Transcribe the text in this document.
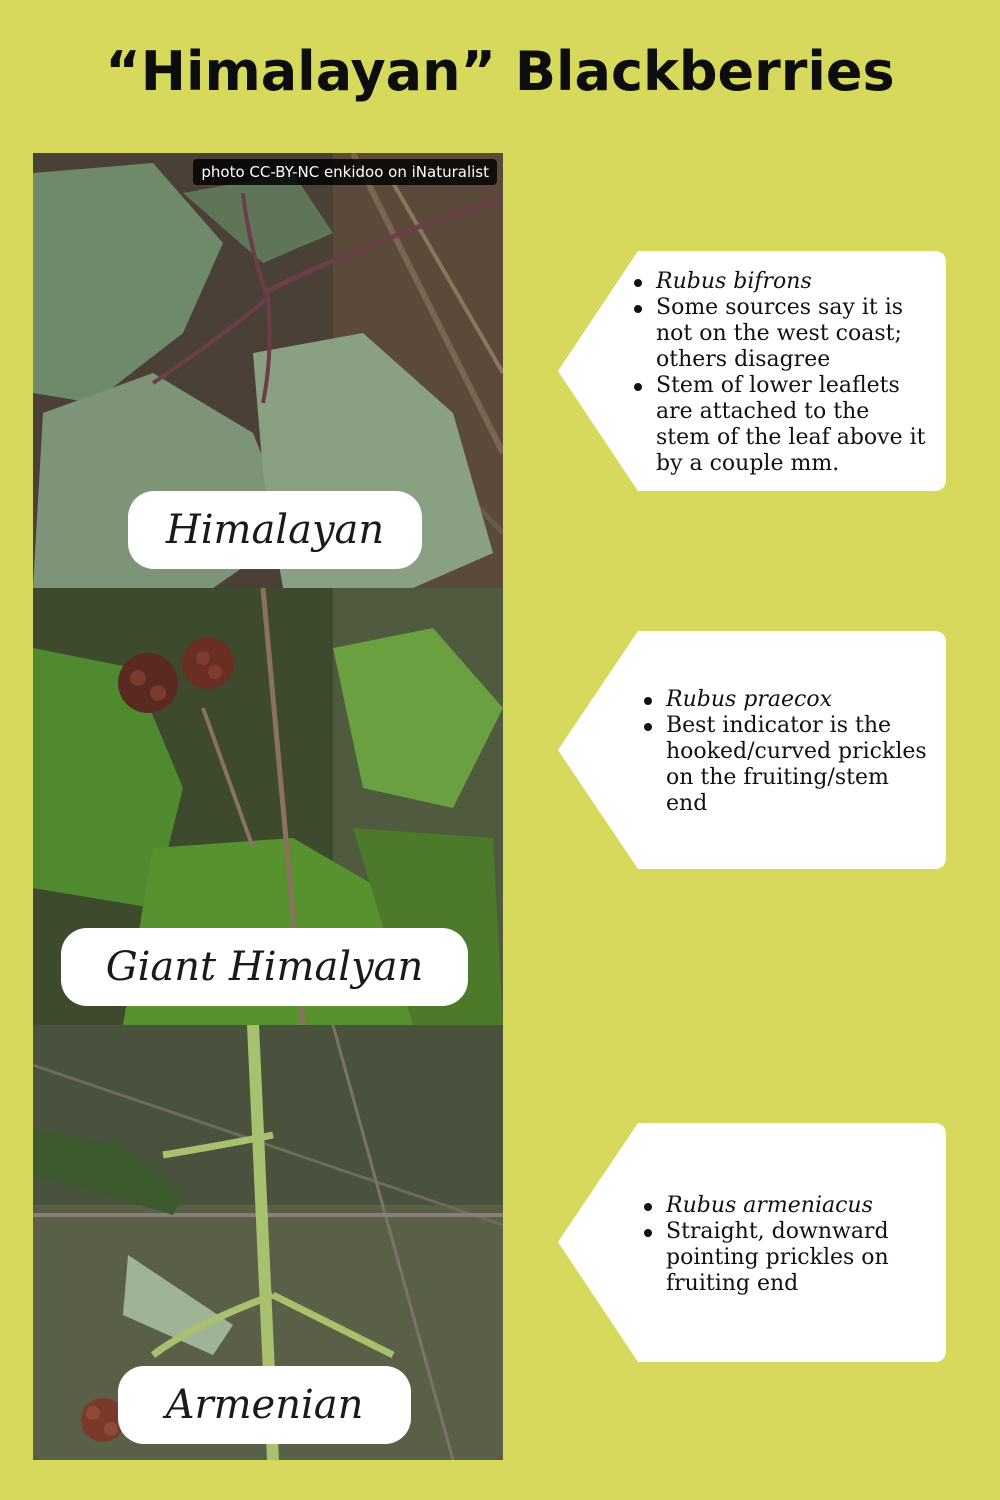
“Himalayan” Blackberries
photo CC-BY-NC enkidoo on iNaturalist
Himalayan
Giant Himalyan
Armenian
Rubus bifrons
Some sources say it is not on the west coast; others disagree
Stem of lower leaflets are attached to the stem of the leaf above it by a couple mm.
Rubus praecox
Best indicator is the hooked/curved prickles on the fruiting/stem end
Rubus armeniacus
Straight, downward pointing prickles on fruiting end
